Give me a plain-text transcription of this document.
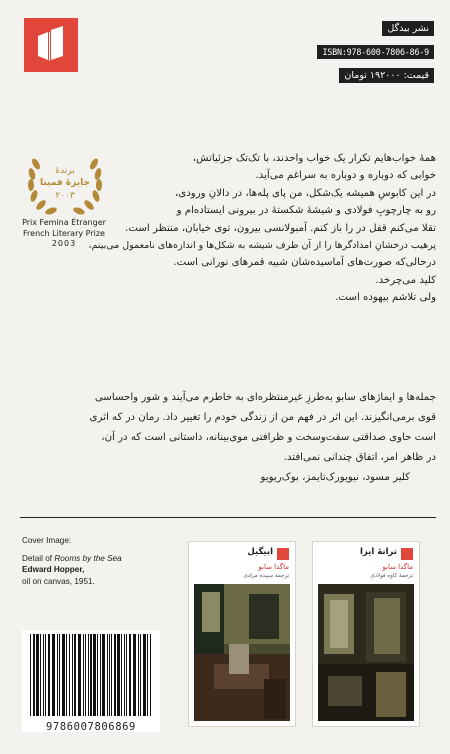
نشر بیدگل
ISBN:978-600-7806-86-9
قیمت: ۱۹۲۰۰۰ تومان
برندهٔ
جایزهٔ فمینا
۲۰۰۳
Prix Femina Étranger
French Literary Prize
2003

همهٔ خواب‌هایم تکرار یک خواب واحدند، با تک‌تک جزئیاتش،

خوابی که دوباره و دوباره به سراغم می‌آید.

در این کابوسِ همیشه یک‌شکل، من پای پله‌ها، در دالانِ ورودی،

رو به چارچوبِ فولادی و شیشهٔ شکستهٔ در بیرونی ایستاده‌ام و

تقلا می‌کنم قفل در را باز کنم. آمبولانسی بیرون، توی خیابان، منتظر است.

پرهیب درخشانِ امدادگرها را از آن طرف شیشه به شکل‌ها و اندازه‌های نامعمول می‌بینم،

درحالی‌که صورت‌های آماسیده‌شان شبیه قمرهای نورانی است.

کلید می‌چرخد.

ولی تلاشم بیهوده است.

جمله‌ها و ایماژهای سابو به‌طرزِ غیرمنتظره‌ای به خاطرم می‌آیند و شور واحساسی

قوی برمی‌انگیزند. این اثر در فهم من از زندگی خودم را تغییر داد. رمان در که اثری

است حاوی صداقتی سفت‌وسخت و ظرافتی موی‌بینانه، داستانی است که در آن،

در ظاهر امر، اتفاق چندانی نمی‌افتد.

کلیر مسود، نیویورک‌تایمز، بوک‌ریویو

Cover Image:
Detail of Rooms by the Sea
Edward Hopper,
oil on canvas, 1951.
9786007806869
ابیگیل
ماگدا سابو
ترجمهٔ سپیده مرادی
ترانهٔ ایزا
ماگدا سابو
ترجمهٔ کاوه فولادی
